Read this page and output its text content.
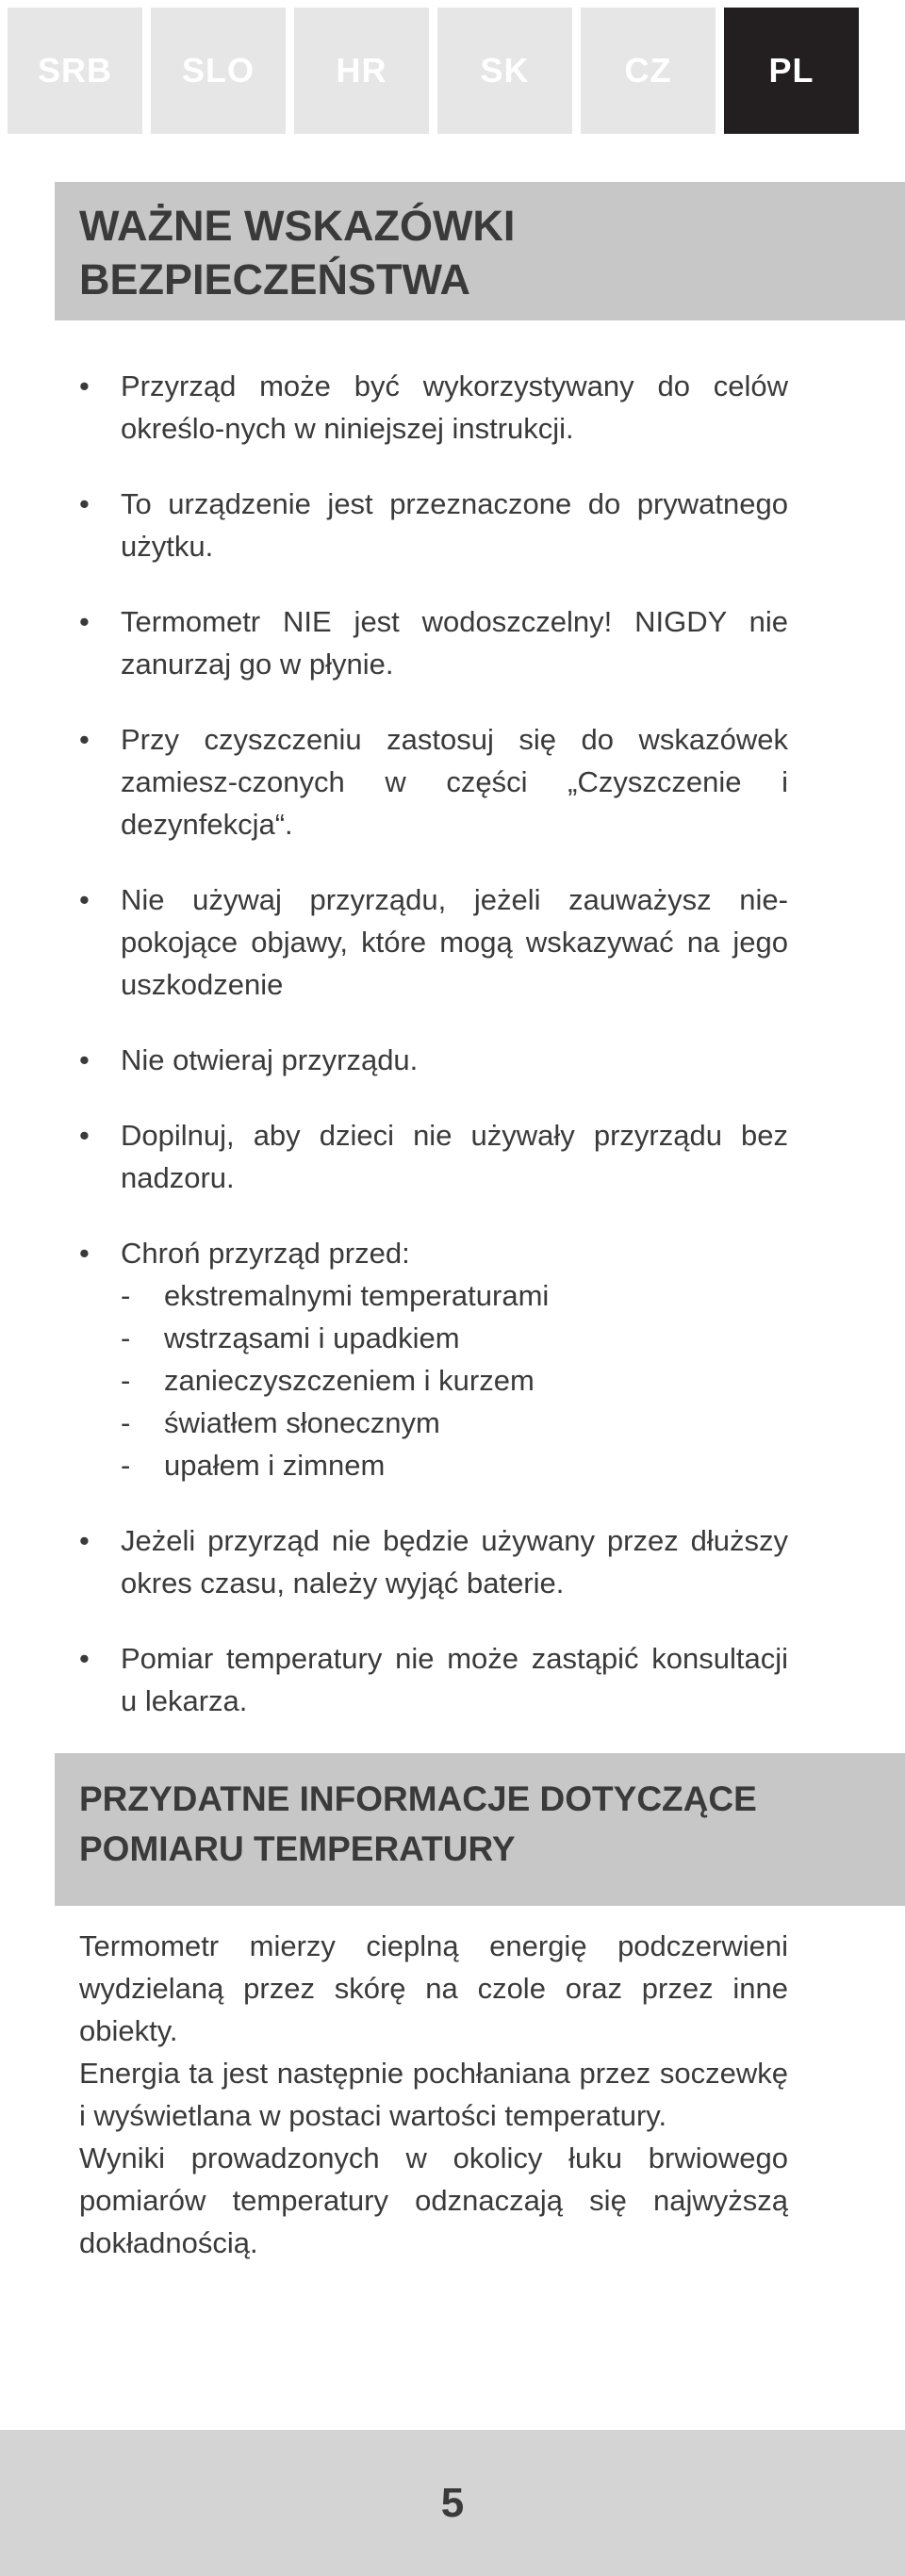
SRB	SLO	HR	SK	CZ	PL
WAŻNE WSKAZÓWKI
BEZPIECZEŃSTWA
• Przyrząd może być wykorzystywany do celów określo-nych w niniejszej instrukcji.
• To urządzenie jest przeznaczone do prywatnego użytku.
• Termometr NIE jest wodoszczelny! NIGDY nie zanurzaj go w płynie.
• Przy czyszczeniu zastosuj się do wskazówek zamiesz-czonych w części „Czyszczenie i dezynfekcja“.
• Nie używaj przyrządu, jeżeli zauważysz niepokojące objawy, które mogą wskazywać na jego uszkodzenie
• Nie otwieraj przyrządu.
• Dopilnuj, aby dzieci nie używały przyrządu bez nadzoru.
• Chroń przyrząd przed:
- ekstremalnymi temperaturami
- wstrząsami i upadkiem
- zanieczyszczeniem i kurzem
- światłem słonecznym
- upałem i zimnem
• Jeżeli przyrząd nie będzie używany przez dłuższy okres czasu, należy wyjąć baterie.
• Pomiar temperatury nie może zastąpić konsultacji u lekarza.
PRZYDATNE INFORMACJE DOTYCZĄCE
POMIARU TEMPERATURY

Termometr mierzy cieplną energię podczerwieni wydzielaną przez skórę na czole oraz przez inne obiekty.

Energia ta jest następnie pochłaniana przez soczewkę i wyświetlana w postaci wartości temperatury.

Wyniki prowadzonych w okolicy łuku brwiowego pomiarów temperatury odznaczają się najwyższą dokładnością.

5
